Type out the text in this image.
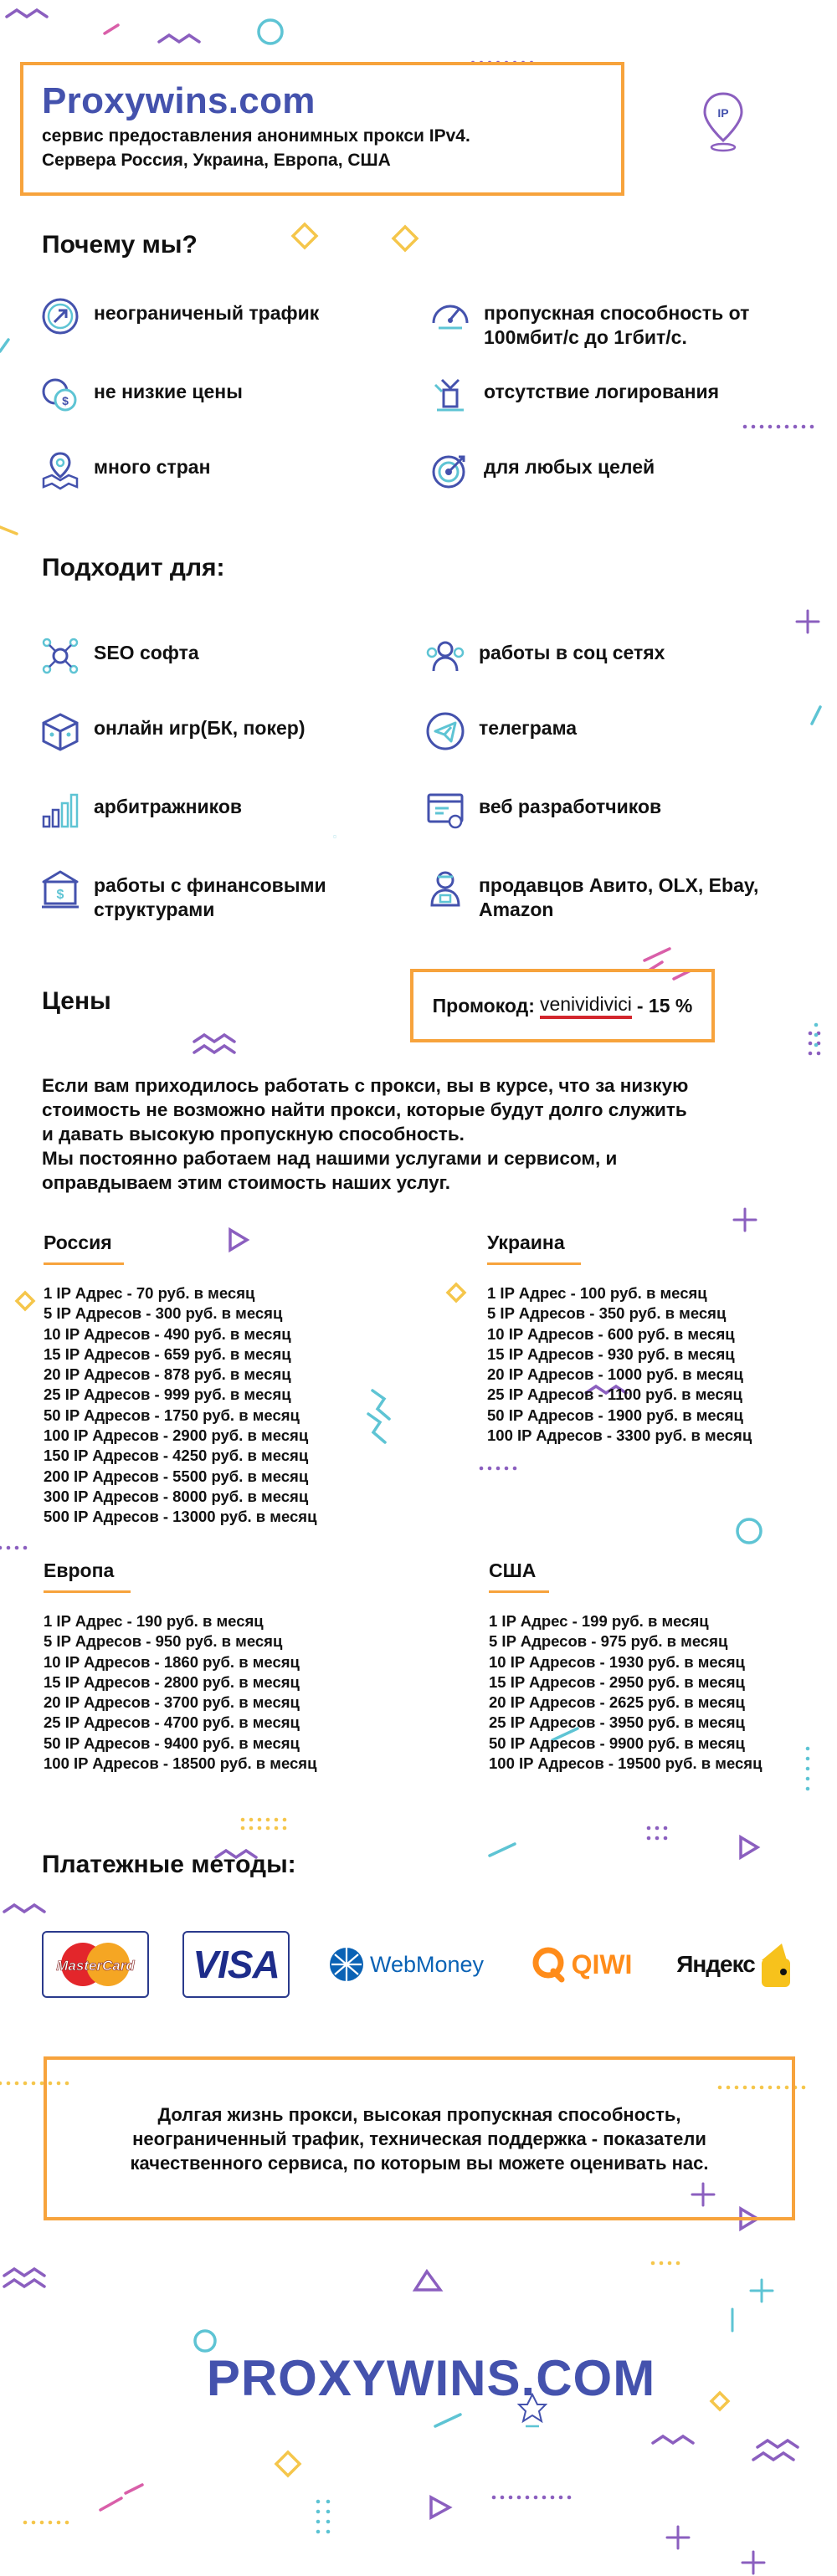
Proxywins.com
сервис предоставления анонимных прокси IPv4.
Сервера Россия, Украина, Европа, США
IP
Почему мы?
неограниченый трафик	пропускная способность от 100мбит/с до 1гбит/с.
$ не низкие цены	отсутствие логирования
много стран	для любых целей
Подходит для:
SEO софта	работы в соц сетях
онлайн игр(БК, покер)	телеграма
арбитражников	веб разработчиков
$ работы с финансовыми структурами
продавцов Авито, OLX, Ebay, Amazon
Цены	Промокод: venividivici - 15 %
Если вам приходилось работать с прокси, вы в курсе, что за низкую
стоимость не возможно найти прокси, которые будут долго служить
и давать высокую пропускную способность.
Мы постоянно работаем над нашими услугами и сервисом, и
оправдываем этим стоимость наших услуг.
Россия
1 IP Адрес - 70 руб. в месяц
5 IP Адресов - 300 руб. в месяц
10 IP Адресов - 490 руб. в месяц
15 IP Адресов - 659 руб. в месяц
20 IP Адресов - 878 руб. в месяц
25 IP Адресов - 999 руб. в месяц
50 IP Адресов - 1750 руб. в месяц
100 IP Адресов - 2900 руб. в месяц
150 IP Адресов - 4250 руб. в месяц
200 IP Адресов - 5500 руб. в месяц
300 IP Адресов - 8000 руб. в месяц
500 IP Адресов - 13000 руб. в месяц
Украина
1 IP Адрес - 100 руб. в месяц
5 IP Адресов - 350 руб. в месяц
10 IP Адресов - 600 руб. в месяц
15 IP Адресов - 930 руб. в месяц
20 IP Адресов - 1000 руб. в месяц
25 IP Адресов - 1100 руб. в месяц
50 IP Адресов - 1900 руб. в месяц
100 IP Адресов - 3300 руб. в месяц
Европа
1 IP Адрес - 190 руб. в месяц
5 IP Адресов - 950 руб. в месяц
10 IP Адресов - 1860 руб. в месяц
15 IP Адресов - 2800 руб. в месяц
20 IP Адресов - 3700 руб. в месяц
25 IP Адресов - 4700 руб. в месяц
50 IP Адресов - 9400 руб. в месяц
100 IP Адресов - 18500 руб. в месяц
США
1 IP Адрес - 199 руб. в месяц
5 IP Адресов - 975 руб. в месяц
10 IP Адресов - 1930 руб. в месяц
15 IP Адресов - 2950 руб. в месяц
20 IP Адресов - 2625 руб. в месяц
25 IP Адресов - 3950 руб. в месяц
50 IP Адресов - 9900 руб. в месяц
100 IP Адресов - 19500 руб. в месяц
Платежные методы:
MasterCard VISA	WebMoney	QIWI Яндекс
Долгая жизнь прокси, высокая пропускная способность,
неограниченный трафик, техническая поддержка - показатели
качественного сервиса, по которым вы можете оценивать нас.
PROXYWINS.COM
